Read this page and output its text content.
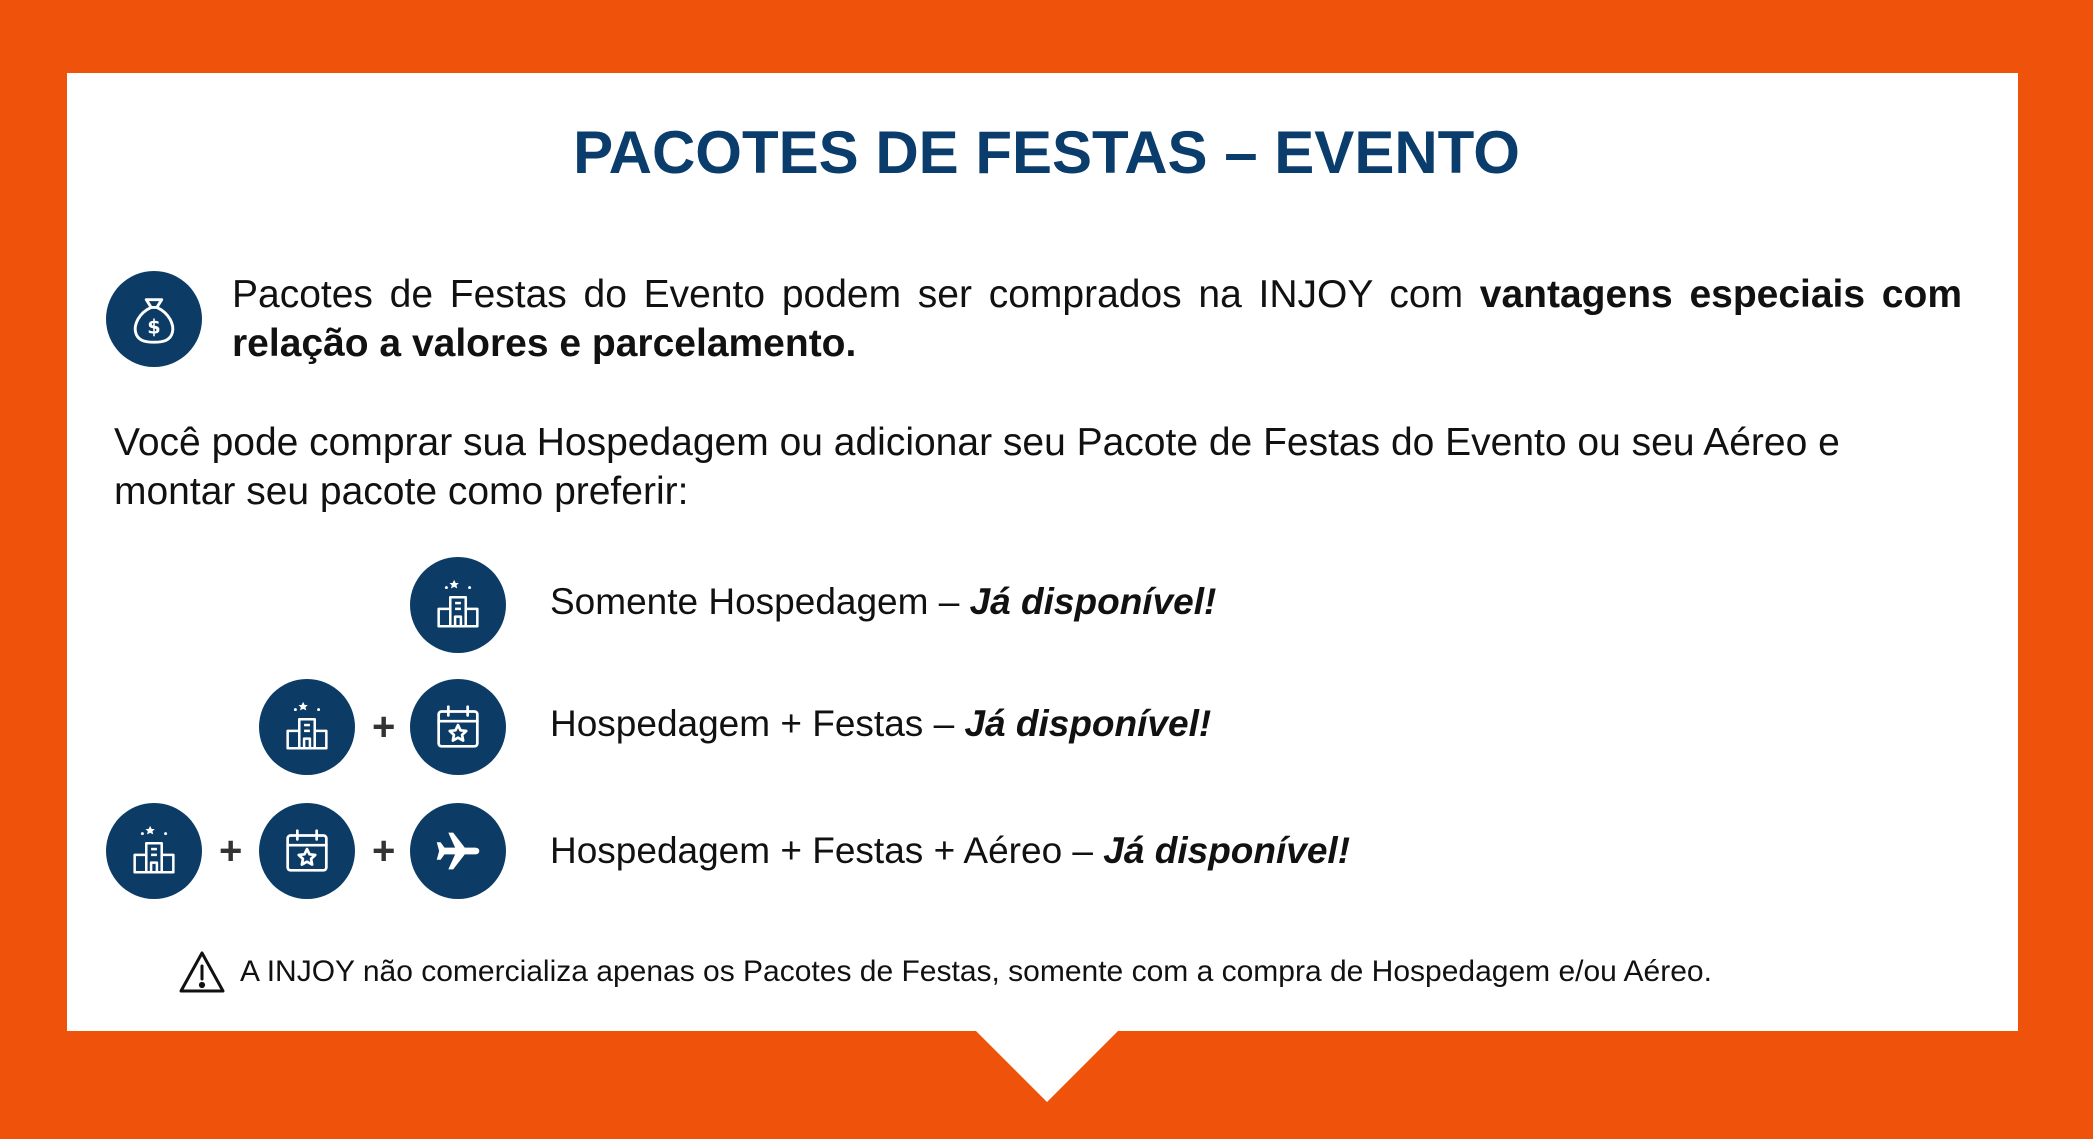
PACOTES DE FESTAS – EVENTO
$

Pacotes de Festas do Evento podem ser comprados na INJOY com vantagens especiais com relação a valores e parcelamento.

Você pode comprar sua Hospedagem ou adicionar seu Pacote de Festas do Evento ou seu Aéreo e montar seu pacote como preferir:

Somente Hospedagem – Já disponível!

+	Hospedagem + Festas – Já disponível!

+	+	Hospedagem + Festas + Aéreo – Já disponível!

A INJOY não comercializa apenas os Pacotes de Festas, somente com a compra de Hospedagem e/ou Aéreo.
